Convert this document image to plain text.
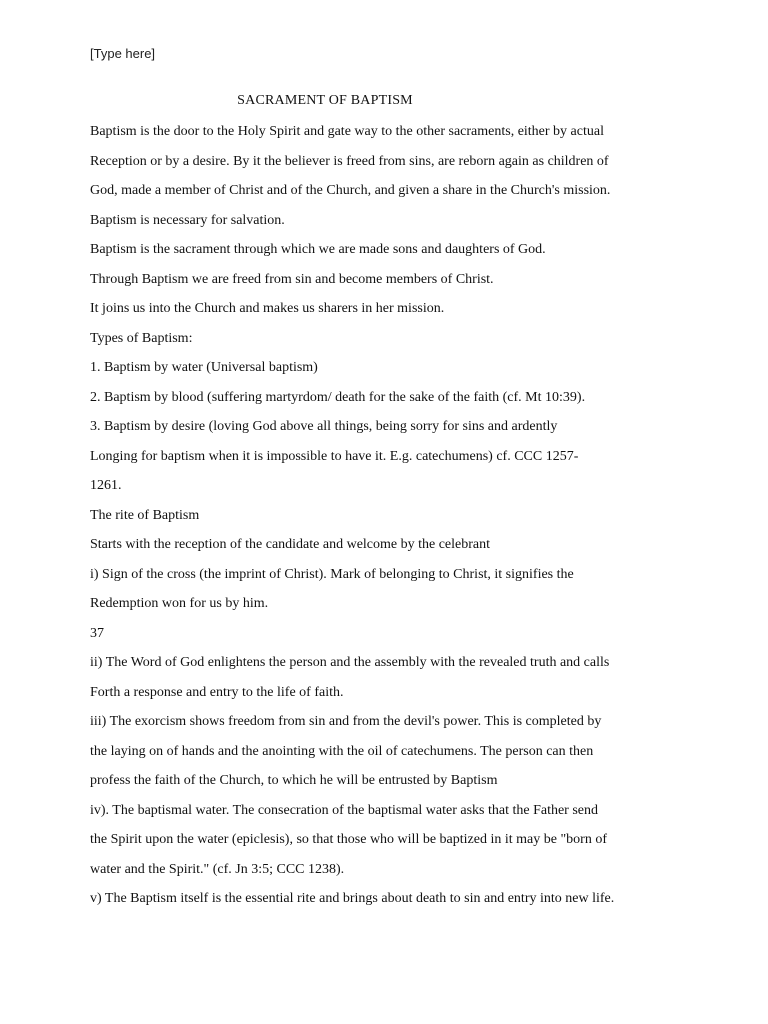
[Type here]
SACRAMENT OF BAPTISM
Baptism is the door to the Holy Spirit and gate way to the other sacraments, either by actual
Reception or by a desire. By it the believer is freed from sins, are reborn again as children of
God, made a member of Christ and of the Church, and given a share in the Church's mission.
Baptism is necessary for salvation.
Baptism is the sacrament through which we are made sons and daughters of God.
Through Baptism we are freed from sin and become members of Christ.
It joins us into the Church and makes us sharers in her mission.
Types of Baptism:
1. Baptism by water (Universal baptism)
2. Baptism by blood (suffering martyrdom/ death for the sake of the faith (cf. Mt 10:39).
3. Baptism by desire (loving God above all things, being sorry for sins and ardently
Longing for baptism when it is impossible to have it. E.g. catechumens) cf. CCC 1257-
1261.
The rite of Baptism
Starts with the reception of the candidate and welcome by the celebrant
i) Sign of the cross (the imprint of Christ). Mark of belonging to Christ, it signifies the
Redemption won for us by him.
37
ii) The Word of God enlightens the person and the assembly with the revealed truth and calls
Forth a response and entry to the life of faith.
iii) The exorcism shows freedom from sin and from the devil's power. This is completed by
the laying on of hands and the anointing with the oil of catechumens. The person can then
profess the faith of the Church, to which he will be entrusted by Baptism
iv). The baptismal water. The consecration of the baptismal water asks that the Father send
the Spirit upon the water (epiclesis), so that those who will be baptized in it may be "born of
water and the Spirit." (cf. Jn 3:5; CCC 1238).
v) The Baptism itself is the essential rite and brings about death to sin and entry into new life.
